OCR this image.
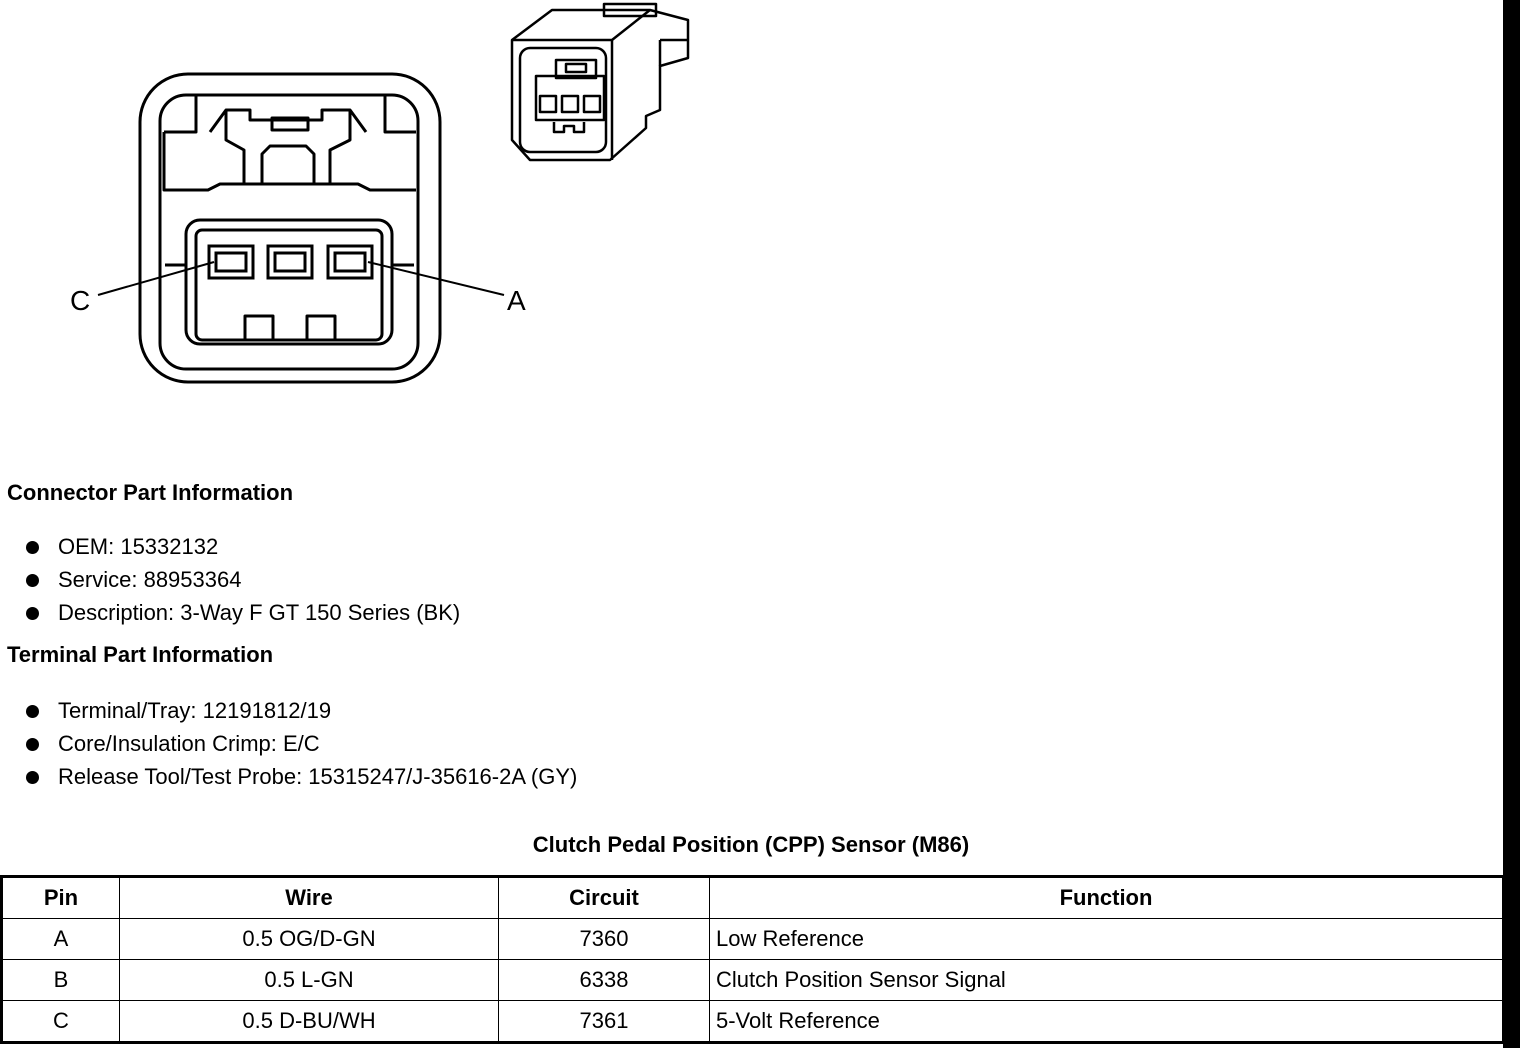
C	A
Connector Part Information
OEM: 15332132
Service: 88953364
Description: 3-Way F GT 150 Series (BK)
Terminal Part Information
Terminal/Tray: 12191812/19
Core/Insulation Crimp: E/C
Release Tool/Test Probe: 15315247/J-35616-2A (GY)
Clutch Pedal Position (CPP) Sensor (M86)
Pin	Wire	Circuit	Function
A	0.5 OG/D-GN	7360	Low Reference
B	0.5 L-GN	6338	Clutch Position Sensor Signal
C	0.5 D-BU/WH	7361	5-Volt Reference
